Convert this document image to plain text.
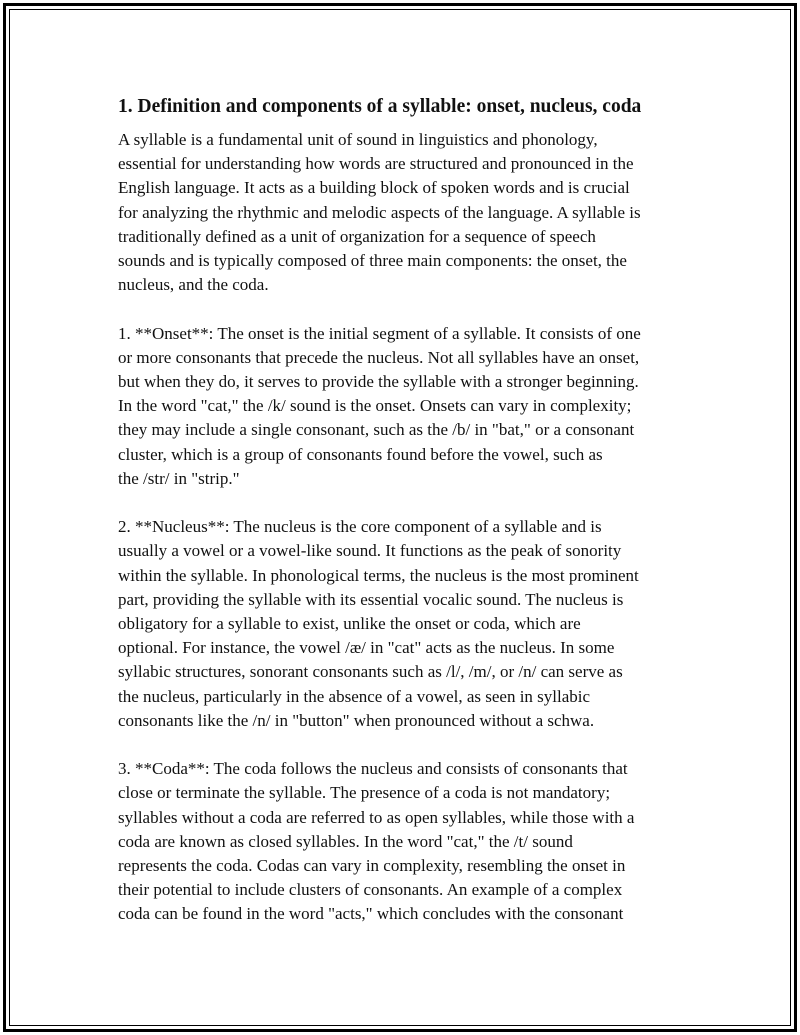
1. Definition and components of a syllable: onset, nucleus, coda

A syllable is a fundamental unit of sound in linguistics and phonology,
essential for understanding how words are structured and pronounced in the
English language. It acts as a building block of spoken words and is crucial
for analyzing the rhythmic and melodic aspects of the language. A syllable is
traditionally defined as a unit of organization for a sequence of speech
sounds and is typically composed of three main components: the onset, the
nucleus, and the coda.

1. **Onset**: The onset is the initial segment of a syllable. It consists of one
or more consonants that precede the nucleus. Not all syllables have an onset,
but when they do, it serves to provide the syllable with a stronger beginning.
In the word "cat," the /k/ sound is the onset. Onsets can vary in complexity;
they may include a single consonant, such as the /b/ in "bat," or a consonant
cluster, which is a group of consonants found before the vowel, such as
the /str/ in "strip."

2. **Nucleus**: The nucleus is the core component of a syllable and is
usually a vowel or a vowel-like sound. It functions as the peak of sonority
within the syllable. In phonological terms, the nucleus is the most prominent
part, providing the syllable with its essential vocalic sound. The nucleus is
obligatory for a syllable to exist, unlike the onset or coda, which are
optional. For instance, the vowel /æ/ in "cat" acts as the nucleus. In some
syllabic structures, sonorant consonants such as /l/, /m/, or /n/ can serve as
the nucleus, particularly in the absence of a vowel, as seen in syllabic
consonants like the /n/ in "button" when pronounced without a schwa.

3. **Coda**: The coda follows the nucleus and consists of consonants that
close or terminate the syllable. The presence of a coda is not mandatory;
syllables without a coda are referred to as open syllables, while those with a
coda are known as closed syllables. In the word "cat," the /t/ sound
represents the coda. Codas can vary in complexity, resembling the onset in
their potential to include clusters of consonants. An example of a complex
coda can be found in the word "acts," which concludes with the consonant
